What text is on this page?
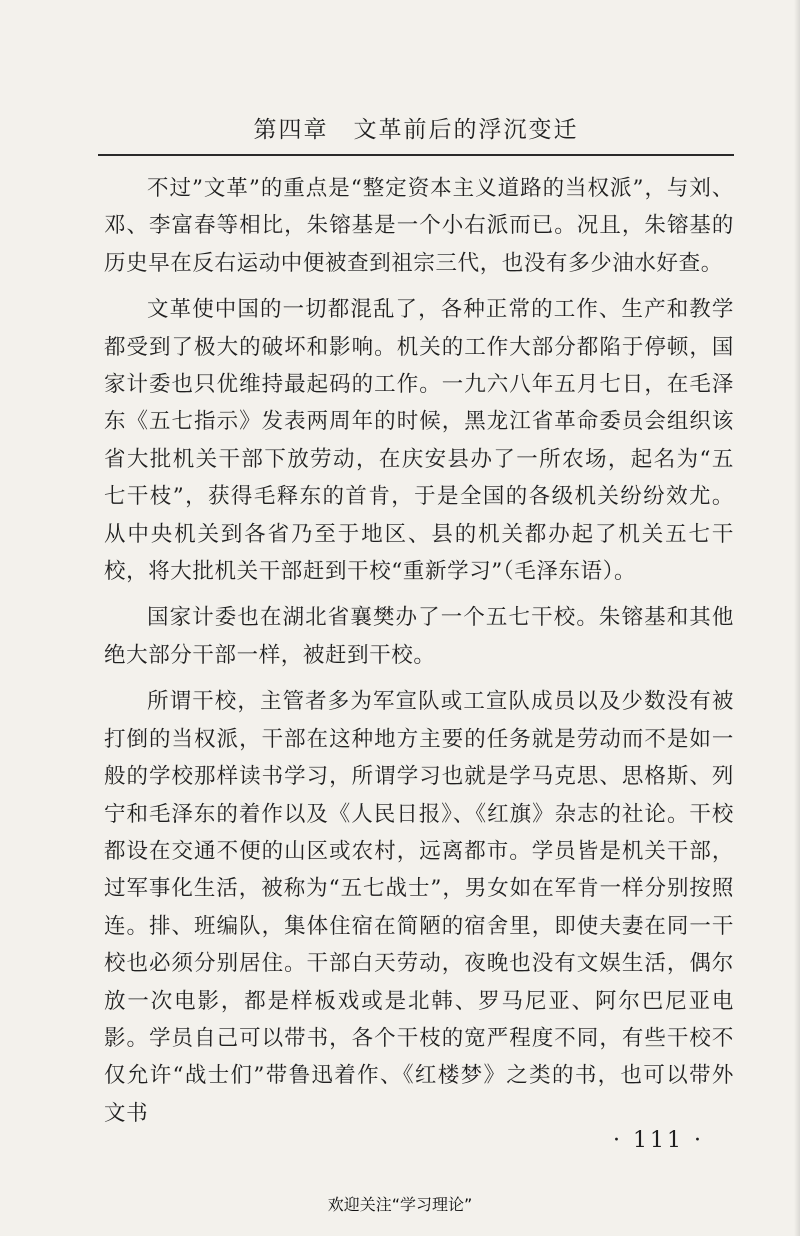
第四章　文革前后的浮沉变迁

不过”文革”的重点是“整定资本主义道路的当权派”，与刘、邓、李富春等相比，朱镕基是一个小右派而已。况且，朱镕基的历史早在反右运动中便被查到祖宗三代，也没有多少油水好查。

文革使中国的一切都混乱了，各种正常的工作、生产和教学都受到了极大的破坏和影响。机关的工作大部分都陷于停顿，国家计委也只优维持最起码的工作。一九六八年五月七日，在毛泽东《五七指示》发表两周年的时候，黑龙江省革命委员会组织该省大批机关干部下放劳动，在庆安县办了一所农场，起名为“五七干枝”，获得毛释东的首肯，于是全国的各级机关纷纷效尤。从中央机关到各省乃至于地区、县的机关都办起了机关五七干校，将大批机关干部赶到干校“重新学习”（毛泽东语）。

国家计委也在湖北省襄樊办了一个五七干校。朱镕基和其他绝大部分干部一样，被赶到干校。

所谓干校，主管者多为军宣队或工宣队成员以及少数没有被打倒的当权派，干部在这种地方主要的任务就是劳动而不是如一般的学校那样读书学习，所谓学习也就是学马克思、思格斯、列宁和毛泽东的着作以及《人民日报》、《红旗》杂志的社论。干校都设在交通不便的山区或农村，远离都市。学员皆是机关干部，过军事化生活，被称为“五七战士”，男女如在军肯一样分别按照连。排、班编队，集体住宿在简陋的宿舍里，即使夫妻在同一干校也必须分别居住。干部白天劳动，夜晚也没有文娱生活，偶尔放一次电影，都是样板戏或是北韩、罗马尼亚、阿尔巴尼亚电影。学员自己可以带书，各个干枝的宽严程度不同，有些干校不仅允许“战士们”带鲁迅着作、《红楼梦》之类的书，也可以带外文书

· 111 ·
欢迎关注“学习理论”
